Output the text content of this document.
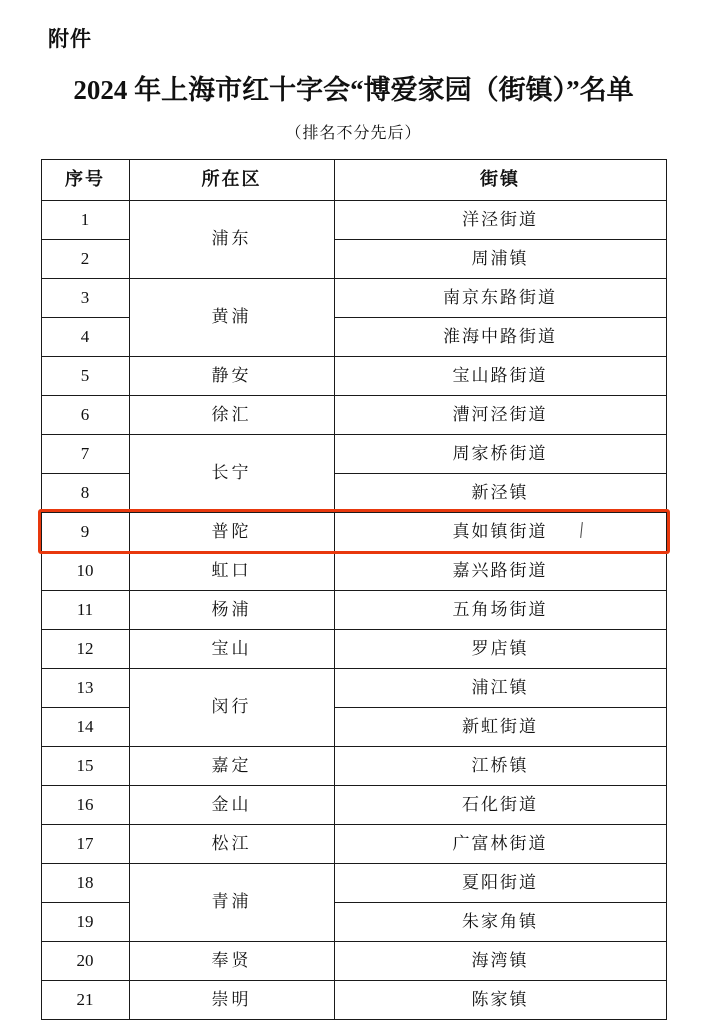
附件
2024 年上海市红十字会“博爱家园（街镇）”名单
（排名不分先后）
序号	所在区	街镇
1	浦东	洋泾街道
2		周浦镇
3	黄浦	南京东路街道
4		淮海中路街道
5	静安	宝山路街道
6	徐汇	漕河泾街道
7	长宁	周家桥街道
8		新泾镇
9	普陀	真如镇街道
10	虹口	嘉兴路街道
11	杨浦	五角场街道
12	宝山	罗店镇
13	闵行	浦江镇
14		新虹街道
15	嘉定	江桥镇
16	金山	石化街道
17	松江	广富林街道
18	青浦	夏阳街道
19		朱家角镇
20	奉贤	海湾镇
21	崇明	陈家镇
